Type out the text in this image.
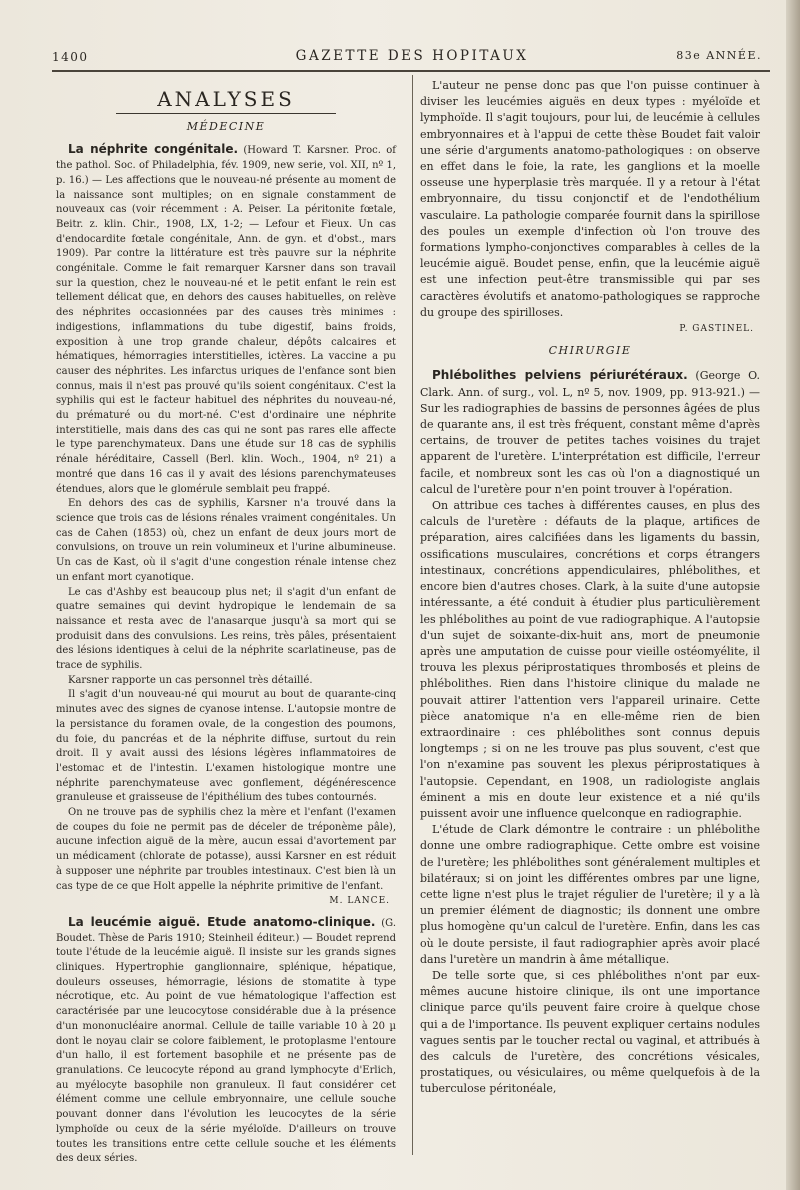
1400	GAZETTE DES HOPITAUX	83e ANNÉE.
ANALYSES
MÉDECINE

La néphrite congénitale. (Howard T. Karsner. Proc. of the pathol. Soc. of Philadelphia, fév. 1909, new serie, vol. XII, nº 1, p. 16.) — Les affections que le nouveau-né présente au moment de la naissance sont multiples; on en signale constamment de nouveaux cas (voir récemment : A. Peiser. La péritonite fœtale, Beitr. z. klin. Chir., 1908, LX, 1-2; — Lefour et Fieux. Un cas d'endocardite fœtale congénitale, Ann. de gyn. et d'obst., mars 1909). Par contre la littérature est très pauvre sur la néphrite congénitale. Comme le fait remarquer Karsner dans son travail sur la question, chez le nouveau-né et le petit enfant le rein est tellement délicat que, en dehors des causes habituelles, on relève des néphrites occasionnées par des causes très minimes : indigestions, inflammations du tube digestif, bains froids, exposition à une trop grande chaleur, dépôts calcaires et hématiques, hémorragies interstitielles, ictères. La vaccine a pu causer des néphrites. Les infarctus uriques de l'enfance sont bien connus, mais il n'est pas prouvé qu'ils soient congénitaux. C'est la syphilis qui est le facteur habituel des néphrites du nouveau-né, du prématuré ou du mort-né. C'est d'ordinaire une néphrite interstitielle, mais dans des cas qui ne sont pas rares elle affecte le type parenchymateux. Dans une étude sur 18 cas de syphilis rénale héréditaire, Cassell (Berl. klin. Woch., 1904, nº 21) a montré que dans 16 cas il y avait des lésions parenchymateuses étendues, alors que le glomérule semblait peu frappé.

En dehors des cas de syphilis, Karsner n'a trouvé dans la science que trois cas de lésions rénales vraiment congénitales. Un cas de Cahen (1853) où, chez un enfant de deux jours mort de convulsions, on trouve un rein volumineux et l'urine albumineuse. Un cas de Kast, où il s'agit d'une congestion rénale intense chez un enfant mort cyanotique.

Le cas d'Ashby est beaucoup plus net; il s'agit d'un enfant de quatre semaines qui devint hydropique le lendemain de sa naissance et resta avec de l'anasarque jusqu'à sa mort qui se produisit dans des convulsions. Les reins, très pâles, présentaient des lésions identiques à celui de la néphrite scarlatineuse, pas de trace de syphilis.

Karsner rapporte un cas personnel très détaillé.

Il s'agit d'un nouveau-né qui mourut au bout de quarante-cinq minutes avec des signes de cyanose intense. L'autopsie montre de la persistance du foramen ovale, de la congestion des poumons, du foie, du pancréas et de la néphrite diffuse, surtout du rein droit. Il y avait aussi des lésions légères inflammatoires de l'estomac et de l'intestin. L'examen histologique montre une néphrite parenchymateuse avec gonflement, dégénérescence granuleuse et graisseuse de l'épithélium des tubes contournés.

On ne trouve pas de syphilis chez la mère et l'enfant (l'examen de coupes du foie ne permit pas de déceler de tréponème pâle), aucune infection aiguë de la mère, aucun essai d'avortement par un médicament (chlorate de potasse), aussi Karsner en est réduit à supposer une néphrite par troubles intestinaux. C'est bien là un cas type de ce que Holt appelle la néphrite primitive de l'enfant.

M. LANCE.

La leucémie aiguë. Etude anatomo-clinique. (G. Boudet. Thèse de Paris 1910; Steinheil éditeur.) — Boudet reprend toute l'étude de la leucémie aiguë. Il insiste sur les grands signes cliniques. Hypertrophie ganglionnaire, splénique, hépatique, douleurs osseuses, hémorragie, lésions de stomatite à type nécrotique, etc. Au point de vue hématologique l'affection est caractérisée par une leucocytose considérable due à la présence d'un mononucléaire anormal. Cellule de taille variable 10 à 20 µ dont le noyau clair se colore faiblement, le protoplasme l'entoure d'un hallo, il est fortement basophile et ne présente pas de granulations. Ce leucocyte répond au grand lymphocyte d'Erlich, au myélocyte basophile non granuleux. Il faut considérer cet élément comme une cellule embryonnaire, une cellule souche pouvant donner dans l'évolution les leucocytes de la série lymphoïde ou ceux de la série myéloïde. D'ailleurs on trouve toutes les transitions entre cette cellule souche et les éléments des deux séries.

L'auteur ne pense donc pas que l'on puisse continuer à diviser les leucémies aiguës en deux types : myéloïde et lymphoïde. Il s'agit toujours, pour lui, de leucémie à cellules embryonnaires et à l'appui de cette thèse Boudet fait valoir une série d'arguments anatomo-pathologiques : on observe en effet dans le foie, la rate, les ganglions et la moelle osseuse une hyperplasie très marquée. Il y a retour à l'état embryonnaire, du tissu conjonctif et de l'endothélium vasculaire. La pathologie comparée fournit dans la spirillose des poules un exemple d'infection où l'on trouve des formations lympho-conjonctives comparables à celles de la leucémie aiguë. Boudet pense, enfin, que la leucémie aiguë est une infection peut-être transmissible qui par ses caractères évolutifs et anatomo-pathologiques se rapproche du groupe des spirilloses.

P. GASTINEL.
CHIRURGIE

Phlébolithes pelviens périurétéraux. (George O. Clark. Ann. of surg., vol. L, nº 5, nov. 1909, pp. 913-921.) — Sur les radiographies de bassins de personnes âgées de plus de quarante ans, il est très fréquent, constant même d'après certains, de trouver de petites taches voisines du trajet apparent de l'uretère. L'interprétation est difficile, l'erreur facile, et nombreux sont les cas où l'on a diagnostiqué un calcul de l'uretère pour n'en point trouver à l'opération.

On attribue ces taches à différentes causes, en plus des calculs de l'uretère : défauts de la plaque, artifices de préparation, aires calcifiées dans les ligaments du bassin, ossifications musculaires, concrétions et corps étrangers intestinaux, concrétions appendiculaires, phlébolithes, et encore bien d'autres choses. Clark, à la suite d'une autopsie intéressante, a été conduit à étudier plus particulièrement les phlébolithes au point de vue radiographique. A l'autopsie d'un sujet de soixante-dix-huit ans, mort de pneumonie après une amputation de cuisse pour vieille ostéomyélite, il trouva les plexus périprostatiques thrombosés et pleins de phlébolithes. Rien dans l'histoire clinique du malade ne pouvait attirer l'attention vers l'appareil urinaire. Cette pièce anatomique n'a en elle-même rien de bien extraordinaire : ces phlébolithes sont connus depuis longtemps ; si on ne les trouve pas plus souvent, c'est que l'on n'examine pas souvent les plexus périprostatiques à l'autopsie. Cependant, en 1908, un radiologiste anglais éminent a mis en doute leur existence et a nié qu'ils puissent avoir une influence quelconque en radiographie.

L'étude de Clark démontre le contraire : un phlébolithe donne une ombre radiographique. Cette ombre est voisine de l'uretère; les phlébolithes sont généralement multiples et bilatéraux; si on joint les différentes ombres par une ligne, cette ligne n'est plus le trajet régulier de l'uretère; il y a là un premier élément de diagnostic; ils donnent une ombre plus homogène qu'un calcul de l'uretère. Enfin, dans les cas où le doute persiste, il faut radiographier après avoir placé dans l'uretère un mandrin à âme métallique.

De telle sorte que, si ces phlébolithes n'ont par eux-mêmes aucune histoire clinique, ils ont une importance clinique parce qu'ils peuvent faire croire à quelque chose qui a de l'importance. Ils peuvent expliquer certains nodules vagues sentis par le toucher rectal ou vaginal, et attribués à des calculs de l'uretère, des concrétions vésicales, prostatiques, ou vésiculaires, ou même quelquefois à de la tuberculose péritonéale,
